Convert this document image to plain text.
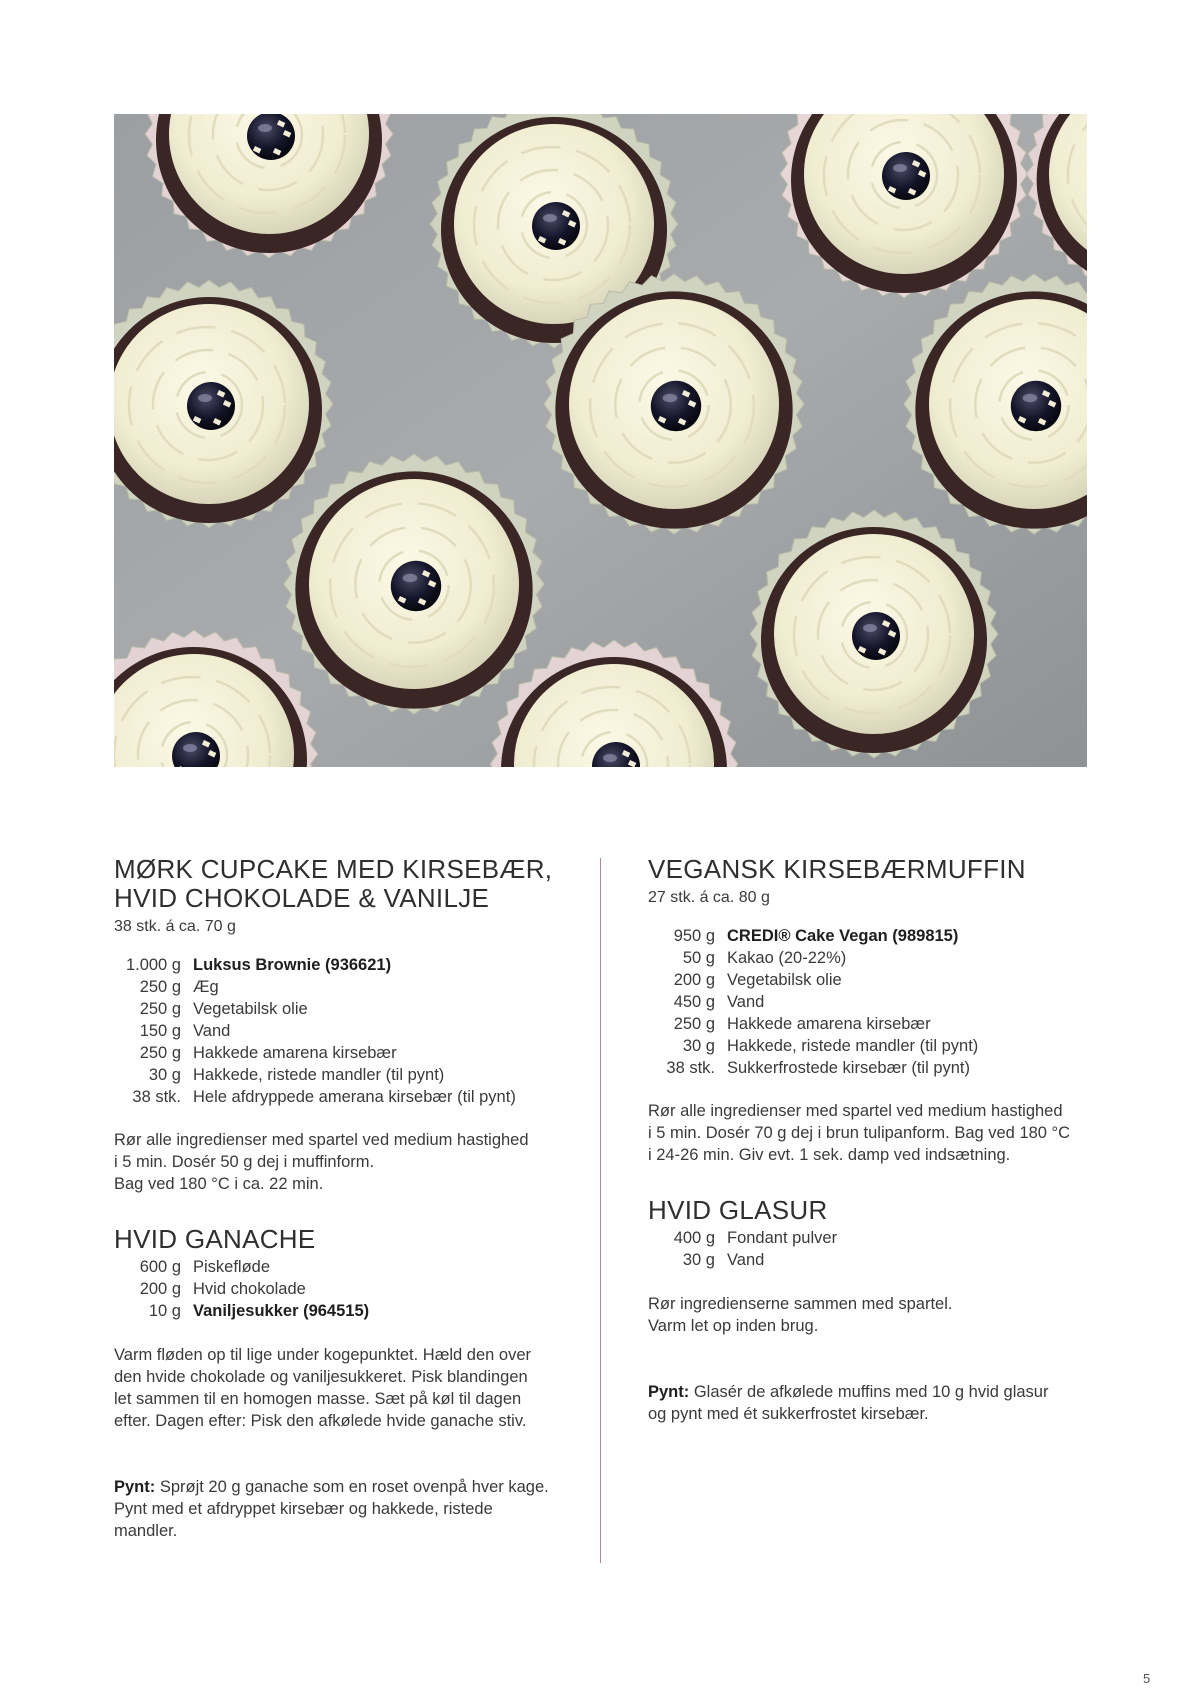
MØRK CUPCAKE MED KIRSEBÆR,
HVID CHOKOLADE & VANILJE
38 stk. á ca. 70 g
1.000 g	Luksus Brownie (936621)
250 g	Æg
250 g	Vegetabilsk olie
150 g	Vand
250 g	Hakkede amarena kirsebær
30 g	Hakkede, ristede mandler (til pynt)
38 stk.	Hele afdryppede amerana kirsebær (til pynt)

Rør alle ingredienser med spartel ved medium hastighed
i 5 min. Dosér 50 g dej i muffinform.
Bag ved 180 °C i ca. 22 min.

HVID GANACHE
600 g	Piskefløde
200 g	Hvid chokolade
10 g	Vaniljesukker (964515)

Varm fløden op til lige under kogepunktet. Hæld den over
den hvide chokolade og vaniljesukkeret. Pisk blandingen
let sammen til en homogen masse. Sæt på køl til dagen
efter. Dagen efter: Pisk den afkølede hvide ganache stiv.

Pynt: Sprøjt 20 g ganache som en roset ovenpå hver kage.
Pynt med et afdryppet kirsebær og hakkede, ristede
mandler.

VEGANSK KIRSEBÆRMUFFIN
27 stk. á ca. 80 g
950 g	CREDI® Cake Vegan (989815)
50 g	Kakao (20-22%)
200 g	Vegetabilsk olie
450 g	Vand
250 g	Hakkede amarena kirsebær
30 g	Hakkede, ristede mandler (til pynt)
38 stk.	Sukkerfrostede kirsebær (til pynt)

Rør alle ingredienser med spartel ved medium hastighed
i 5 min. Dosér 70 g dej i brun tulipanform. Bag ved 180 °C
i 24-26 min. Giv evt. 1 sek. damp ved indsætning.

HVID GLASUR
400 g	Fondant pulver
30 g	Vand

Rør ingredienserne sammen med spartel.
Varm let op inden brug.

Pynt: Glasér de afkølede muffins med 10 g hvid glasur
og pynt med ét sukkerfrostet kirsebær.

5
